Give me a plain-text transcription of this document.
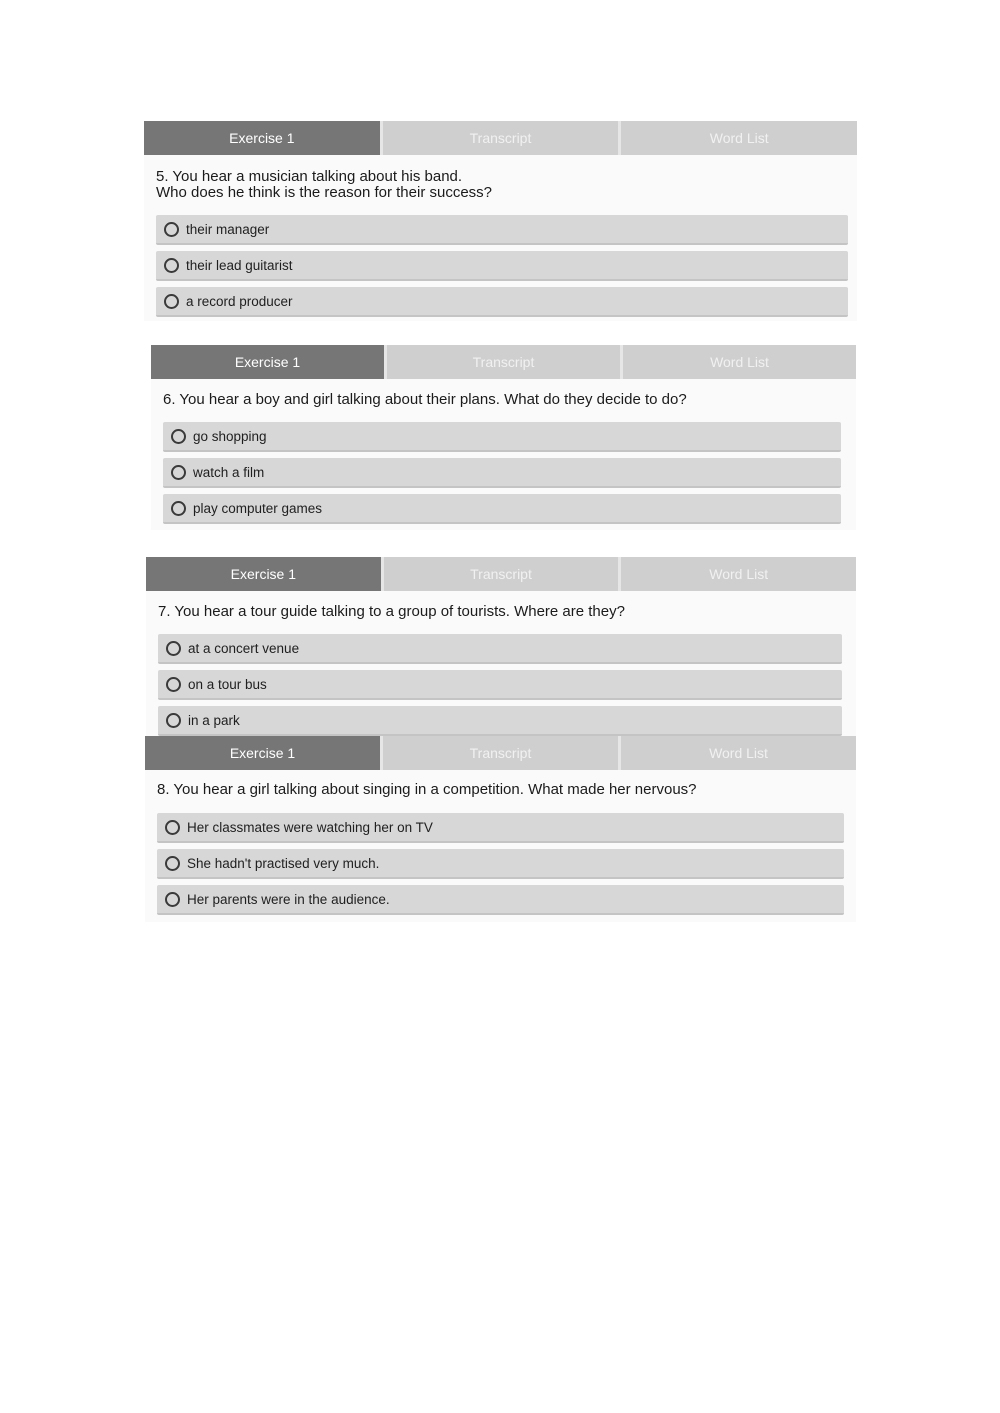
Exercise 1	Transcript	Word List
5. You hear a musician talking about his band.
Who does he think is the reason for their success?
their manager
their lead guitarist
a record producer
Exercise 1	Transcript	Word List
6. You hear a boy and girl talking about their plans. What do they decide to do?
go shopping
watch a film
play computer games
Exercise 1	Transcript	Word List
7. You hear a tour guide talking to a group of tourists. Where are they?
at a concert venue
on a tour bus
in a park
Exercise 1	Transcript	Word List
8. You hear a girl talking about singing in a competition. What made her nervous?
Her classmates were watching her on TV
She hadn't practised very much.
Her parents were in the audience.
